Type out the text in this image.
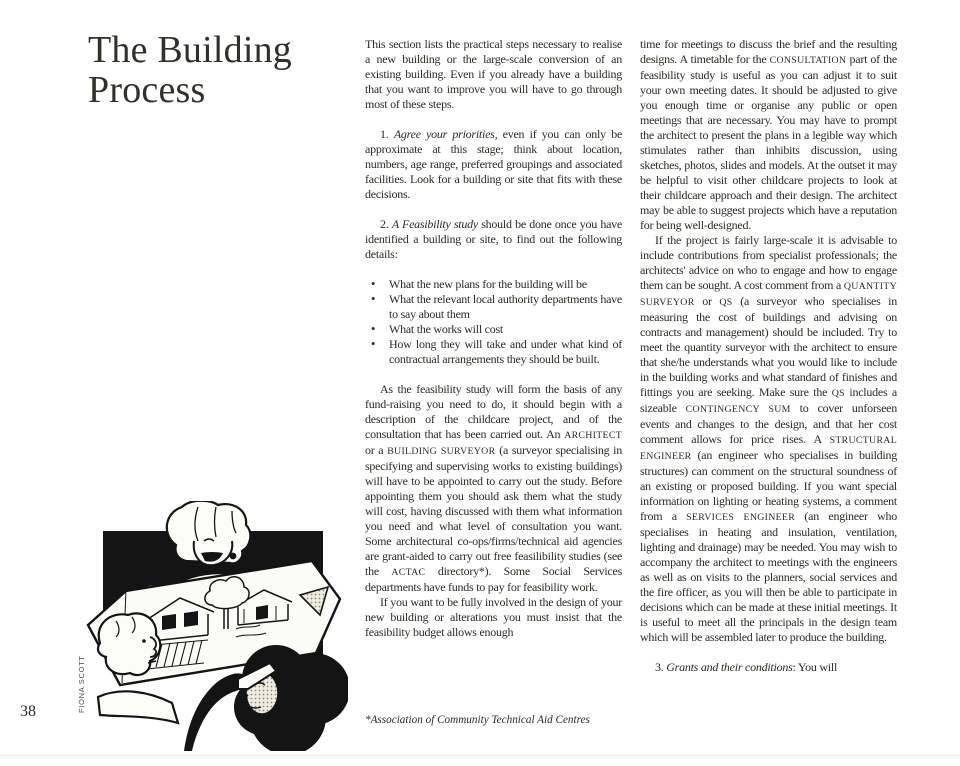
The Building
Process

This section lists the practical steps necessary to realise a new building or the large-scale conversion of an existing building. Even if you already have a building that you want to improve you will have to go through most of these steps.

1. Agree your priorities, even if you can only be approximate at this stage; think about location, numbers, age range, preferred groupings and associated facilities. Look for a building or site that fits with these decisions.

2. A Feasibility study should be done once you have identified a building or site, to find out the following details:

• What the new plans for the building will be
• What the relevant local authority departments have to say about them
• What the works will cost
• How long they will take and under what kind of contractual arrangements they should be built.

As the feasibility study will form the basis of any fund-raising you need to do, it should begin with a description of the childcare project, and of the consultation that has been carried out. An ARCHITECT or a BUILDING SURVEYOR (a surveyor specialising in specifying and supervising works to existing buildings) will have to be appointed to carry out the study. Before appointing them you should ask them what the study will cost, having discussed with them what information you need and what level of consultation you want. Some architectural co-ops/firms/technical aid agencies are grant-aided to carry out free feasilibility studies (see the ACTAC directory*). Some Social Services departments have funds to pay for feasibility work.

If you want to be fully involved in the design of your new building or alterations you must insist that the feasibility budget allows enough

time for meetings to discuss the brief and the resulting designs. A timetable for the CONSULTATION part of the feasibility study is useful as you can adjust it to suit your own meeting dates. It should be adjusted to give you enough time or organise any public or open meetings that are necessary. You may have to prompt the architect to present the plans in a legible way which stimulates rather than inhibits discussion, using sketches, photos, slides and models. At the outset it may be helpful to visit other childcare projects to look at their childcare approach and their design. The architect may be able to suggest projects which have a reputation for being well-designed.

If the project is fairly large-scale it is advisable to include contributions from specialist professionals; the architects' advice on who to engage and how to engage them can be sought. A cost comment from a QUANTITY SURVEYOR or QS (a surveyor who specialises in measuring the cost of buildings and advising on contracts and management) should be included. Try to meet the quantity surveyor with the architect to ensure that she/he understands what you would like to include in the building works and what standard of finishes and fittings you are seeking. Make sure the QS includes a sizeable CONTINGENCY SUM to cover unforseen events and changes to the design, and that her cost comment allows for price rises. A STRUCTURAL ENGINEER (an engineer who specialises in building structures) can comment on the structural soundness of an existing or proposed building. If you want special information on lighting or heating systems, a comment from a SERVICES ENGINEER (an engineer who specialises in heating and insulation, ventilation, lighting and drainage) may be needed. You may wish to accompany the architect to meetings with the engineers as well as on visits to the planners, social services and the fire officer, as you will then be able to participate in decisions which can be made at these initial meetings. It is useful to meet all the principals in the design team which will be assembled later to produce the building.

3. Grants and their conditions: You will

*Association of Community Technical Aid Centres
38	FIONA SCOTT
